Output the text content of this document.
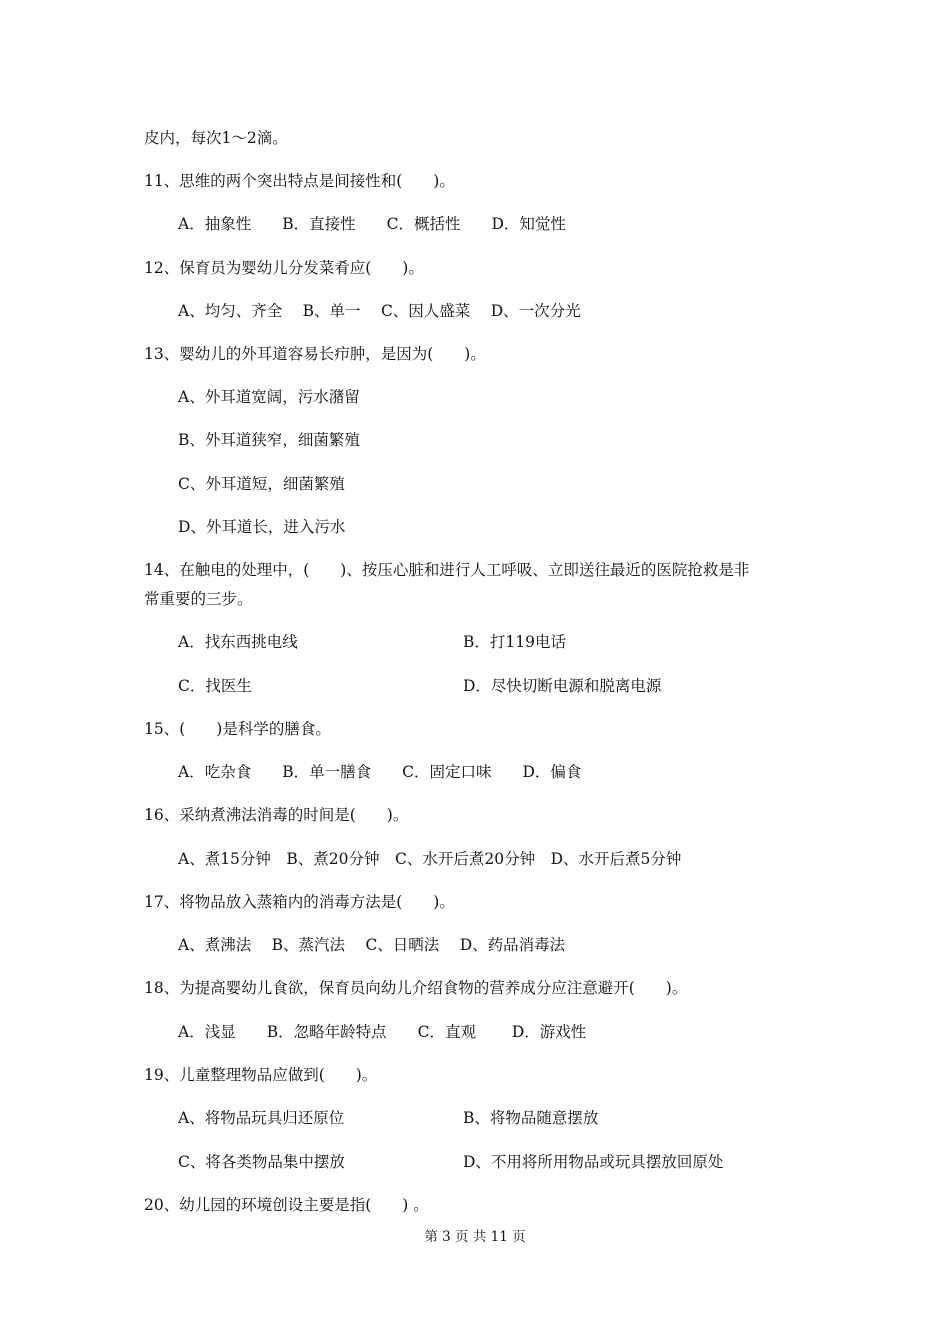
皮内，每次1～2滴。
11、思维的两个突出特点是间接性和(　　)。
A．抽象性　　B．直接性　　C．概括性　　D．知觉性
12、保育员为婴幼儿分发菜肴应(　　)。
A、均匀、齐全　 B、单一　 C、因人盛菜　 D、一次分光
13、婴幼儿的外耳道容易长疖肿，是因为(　　)。
A、外耳道宽阔，污水潴留
B、外耳道狭窄，细菌繁殖
C、外耳道短，细菌繁殖
D、外耳道长，进入污水
14、在触电的处理中，(　　)、按压心脏和进行人工呼吸、立即送往最近的医院抢救是非
常重要的三步。
A．找东西挑电线	B．打119电话
C．找医生	D．尽快切断电源和脱离电源
15、(　　)是科学的膳食。
A．吃杂食　　B．单一膳食　　C．固定口味　　D．偏食
16、采纳煮沸法消毒的时间是(　　)。
A、煮15分钟　B、煮20分钟　C、水开后煮20分钟　D、水开后煮5分钟
17、将物品放入蒸箱内的消毒方法是(　　)。
A、煮沸法　 B、蒸汽法　 C、日晒法　 D、药品消毒法
18、为提高婴幼儿食欲，保育员向幼儿介绍食物的营养成分应注意避开(　　)。
A．浅显　　B．忽略年龄特点　　C．直观　　 D．游戏性
19、儿童整理物品应做到(　　)。
A、将物品玩具归还原位	B、将物品随意摆放
C、将各类物品集中摆放	D、不用将所用物品或玩具摆放回原处
20、幼儿园的环境创设主要是指(　　) 。
第 3 页 共 11 页
